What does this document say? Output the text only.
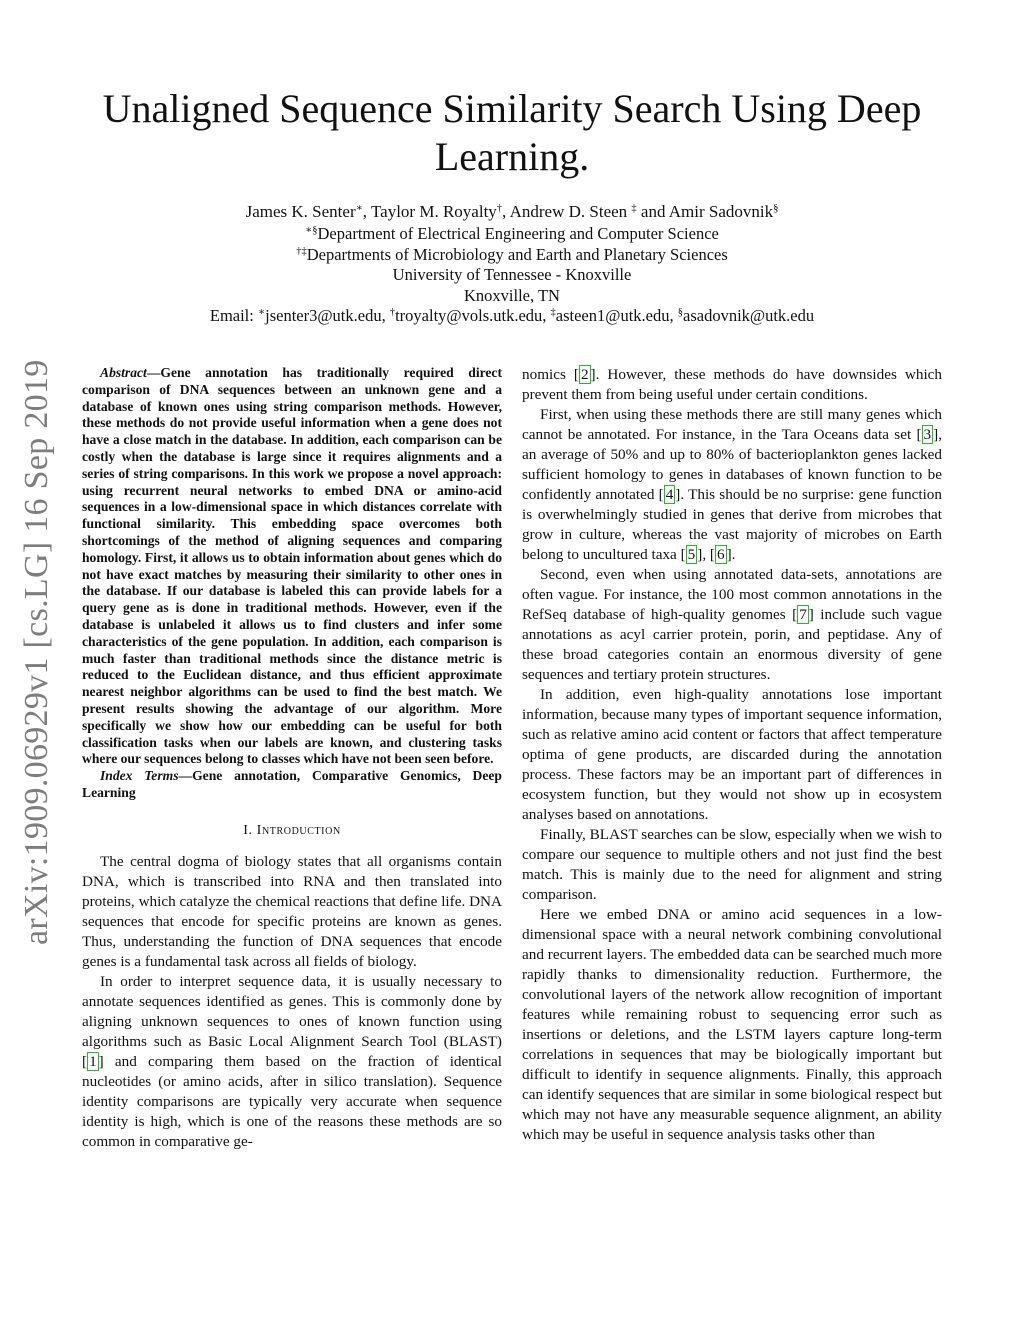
arXiv:1909.06929v1 [cs.LG] 16 Sep 2019
Unaligned Sequence Similarity Search Using Deep Learning.
James K. Senter∗, Taylor M. Royalty†, Andrew D. Steen ‡ and Amir Sadovnik§
∗§Department of Electrical Engineering and Computer Science
†‡Departments of Microbiology and Earth and Planetary Sciences
University of Tennessee - Knoxville
Knoxville, TN
Email: ∗jsenter3@utk.edu, †troyalty@vols.utk.edu, ‡asteen1@utk.edu, §asadovnik@utk.edu

Abstract—Gene annotation has traditionally required direct comparison of DNA sequences between an unknown gene and a database of known ones using string comparison methods. However, these methods do not provide useful information when a gene does not have a close match in the database. In addition, each comparison can be costly when the database is large since it requires alignments and a series of string comparisons. In this work we propose a novel approach: using recurrent neural networks to embed DNA or amino-acid sequences in a low-dimensional space in which distances correlate with functional similarity. This embedding space overcomes both shortcomings of the method of aligning sequences and comparing homology. First, it allows us to obtain information about genes which do not have exact matches by measuring their similarity to other ones in the database. If our database is labeled this can provide labels for a query gene as is done in traditional methods. However, even if the database is unlabeled it allows us to find clusters and infer some characteristics of the gene population. In addition, each comparison is much faster than traditional methods since the distance metric is reduced to the Euclidean distance, and thus efficient approximate nearest neighbor algorithms can be used to find the best match. We present results showing the advantage of our algorithm. More specifically we show how our embedding can be useful for both classification tasks when our labels are known, and clustering tasks where our sequences belong to classes which have not been seen before.

Index Terms—Gene annotation, Comparative Genomics, Deep Learning

I. Introduction

The central dogma of biology states that all organisms contain DNA, which is transcribed into RNA and then translated into proteins, which catalyze the chemical reactions that define life. DNA sequences that encode for specific proteins are known as genes. Thus, understanding the function of DNA sequences that encode genes is a fundamental task across all fields of biology.

In order to interpret sequence data, it is usually necessary to annotate sequences identified as genes. This is commonly done by aligning unknown sequences to ones of known function using algorithms such as Basic Local Alignment Search Tool (BLAST) [ 1 ] and comparing them based on the fraction of identical nucleotides (or amino acids, after in silico translation). Sequence identity comparisons are typically very accurate when sequence identity is high, which is one of the reasons these methods are so common in comparative ge-

nomics [ 2 ]. However, these methods do have downsides which prevent them from being useful under certain conditions.

First, when using these methods there are still many genes which cannot be annotated. For instance, in the Tara Oceans data set [ 3 ], an average of 50% and up to 80% of bacterioplankton genes lacked sufficient homology to genes in databases of known function to be confidently annotated [ 4 ]. This should be no surprise: gene function is overwhelmingly studied in genes that derive from microbes that grow in culture, whereas the vast majority of microbes on Earth belong to uncultured taxa [ 5 ], [ 6 ].

Second, even when using annotated data-sets, annotations are often vague. For instance, the 100 most common annotations in the RefSeq database of high-quality genomes [ 7 ] include such vague annotations as acyl carrier protein, porin, and peptidase. Any of these broad categories contain an enormous diversity of gene sequences and tertiary protein structures.

In addition, even high-quality annotations lose important information, because many types of important sequence information, such as relative amino acid content or factors that affect temperature optima of gene products, are discarded during the annotation process. These factors may be an important part of differences in ecosystem function, but they would not show up in ecosystem analyses based on annotations.

Finally, BLAST searches can be slow, especially when we wish to compare our sequence to multiple others and not just find the best match. This is mainly due to the need for alignment and string comparison.

Here we embed DNA or amino acid sequences in a low-dimensional space with a neural network combining convolutional and recurrent layers. The embedded data can be searched much more rapidly thanks to dimensionality reduction. Furthermore, the convolutional layers of the network allow recognition of important features while remaining robust to sequencing error such as insertions or deletions, and the LSTM layers capture long-term correlations in sequences that may be biologically important but difficult to identify in sequence alignments. Finally, this approach can identify sequences that are similar in some biological respect but which may not have any measurable sequence alignment, an ability which may be useful in sequence analysis tasks other than
